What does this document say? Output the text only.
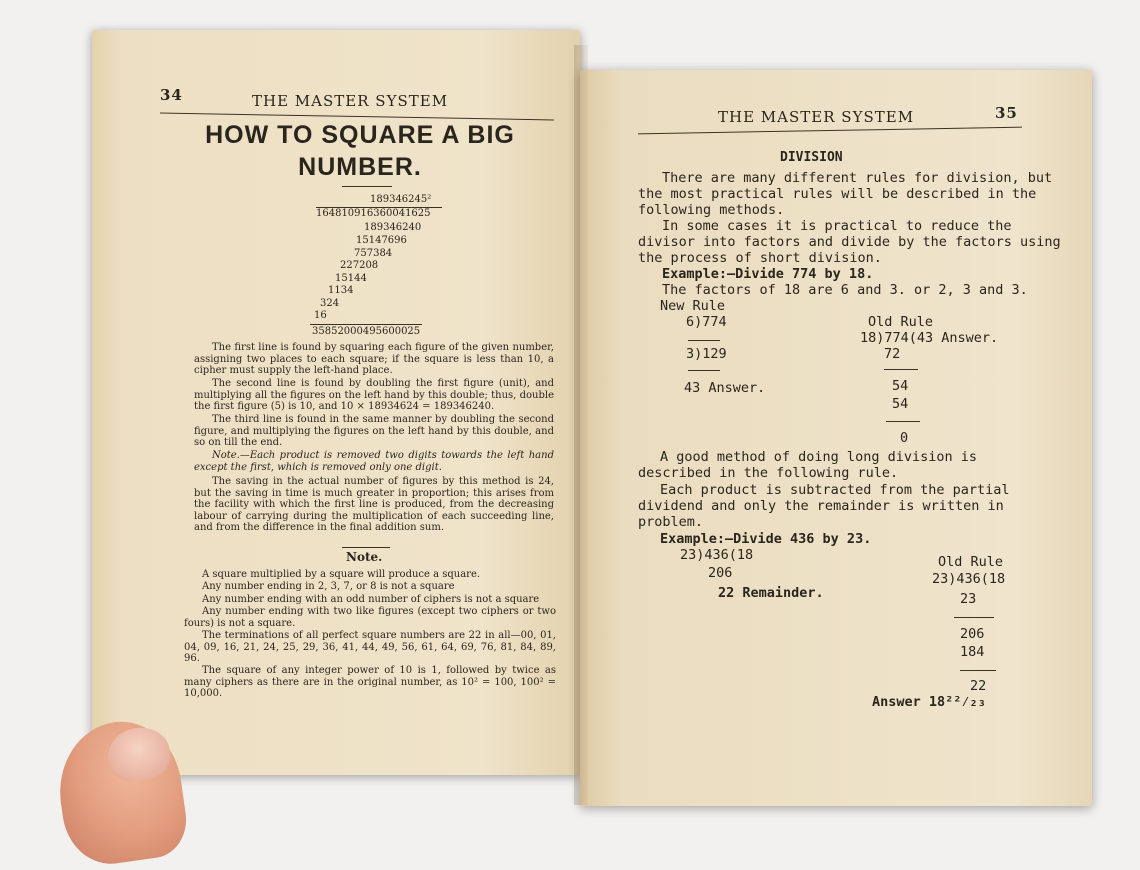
34	THE MASTER SYSTEM
HOW TO SQUARE A BIG
NUMBER.
189346245²
164810916360041625
189346240
15147696
757384
227208
15144
1134
324
16
35852000495600025
The first line is found by squaring each figure of the given number, assigning two places to each square; if the square is less than 10, a cipher must supply the left-hand place.
The second line is found by doubling the first figure (unit), and multiplying all the figures on the left hand by this double; thus, double the first figure (5) is 10, and 10 × 18934624 = 189346240.
The third line is found in the same manner by doubling the second figure, and multiplying the figures on the left hand by this double, and so on till the end.
Note.—Each product is removed two digits towards the left hand except the first, which is removed only one digit.
The saving in the actual number of figures by this method is 24, but the saving in time is much greater in proportion; this arises from the facility with which the first line is produced, from the decreasing labour of carrying during the multiplication of each succeeding line, and from the difference in the final addition sum.
Note.
A square multiplied by a square will produce a square.
Any number ending in 2, 3, 7, or 8 is not a square
Any number ending with an odd number of ciphers is not a square
Any number ending with two like figures (except two ciphers or two fours) is not a square.
The terminations of all perfect square numbers are 22 in all—00, 01, 04, 09, 16, 21, 24, 25, 29, 36, 41, 44, 49, 56, 61, 64, 69, 76, 81, 84, 89, 96.
The square of any integer power of 10 is 1, followed by twice as many ciphers as there are in the original number, as 10² = 100, 100² = 10,000.
THE MASTER SYSTEM	35
DIVISION
There are many different rules for division, but
the most practical rules will be described in the
following methods.
In some cases it is practical to reduce the
divisor into factors and divide by the factors using
the process of short division.
Example:—Divide 774 by 18.
The factors of 18 are 6 and 3. or 2, 3 and 3.
New Rule
6)774
3)129
43 Answer.
Old Rule
18)774(43 Answer.
72
54
54
0
A good method of doing long division is
described in the following rule.
Each product is subtracted from the partial
dividend and only the remainder is written in
problem.
Example:—Divide 436 by 23.
23)436(18
206
22 Remainder.
Old Rule
23)436(18
23
206
184
22
Answer 18²²⁄₂₃
